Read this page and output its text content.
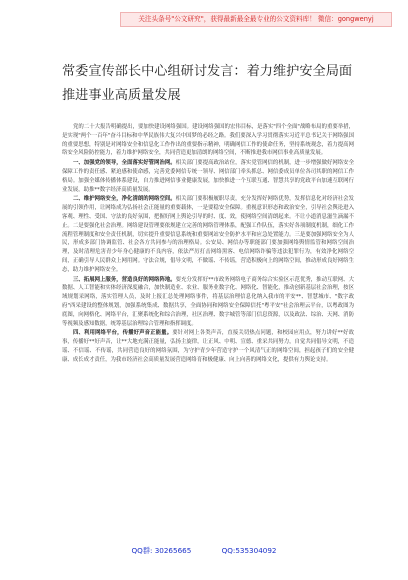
关注头条号"公文研究"，获得最新最全最专业的公文资料库！ 微信：gongwenyj
常委宣传部长中心组研讨发言：着力维护安全局面
推进事业高质量发展

党的二十大报告明确提出，要加快建设网络强国。建设网络强国的宏伟目标，是落实"四个全面"战略布局的重要举措，是实现"两个一百年"奋斗目标和中华民族伟大复兴中国梦的必经之路。我们要深入学习贯彻落实习近平总书记关于网络强国的重要思想，特别是对网络安全和信息化工作作出的重要指示精神，明确网信工作的使命任务，坚持系统观念，着力提高网络安全风险防控能力，着力维护网络安全，共同营造更加清朗的网络空间，不断推进我市网信事业高质量发展。

一、加强党的领导，全面落实好管网治网。相关部门要提高政治站位，落实党管网信的机制，进一步增强做好网络安全保障工作的责任感、紧迫感和使命感，完善党委网信专统一领导、网信部门牵头抓总、网信委成员单位各司其职的网信工作格局。加强全媒体传播体系建设，自力推进网信事业健康发展，加快推进一个互联互通、智慧共享的党政平台加速互联网行业发展，助推**数字经济高质量发展。

二、维护网络安全，净化清朗的网络空间。相关部门要积极履职尽责，充分发挥好网络优势，发挥信息化对经济社会发展的引领作用，让网络成为弘扬社会正能量的重要载体，一是要稳安全保障。重视意识形态和政治安全，引导社会舆论进入客观、理性、受国、守法的良好氛围，把握好网上舆论引导的时、度、效，使网络空间清朗起来。不让小道消息滋生滴漏不止。二是要强化社会治理。网络建设管理要依规建立完善的网络管理体系，配强工作队伍，落实好各项制度机制，细化工作流程管理制度和安全责任机制，切实提升重要信息系统和重要网站安全防护水平和应急处置能力。三是要加强网络安全为人民，形成多部门协调监管、社会各方共同参与的治理格局。公安局、网信办等职能部门要加强网络舆情监管和网络空间治理，及时清理危害青少年身心健康的不良内容，依法严厉打击网络黑客、电信网络诈骗等违法犯罪行为，有效净化网络空间，正确引导人民群众上网用网。守法合规，倡导文明，不做谣、不传谣，营造积极向上的网络空间，推动形成良好网络生态，助力维护网络安全。

三、拓展网上服务，营造良好的网络阵地。要充分发挥好**市政务网络电子商务综合实验区示范优秀，推动互联网、大数据、人工智能和实体经济深度融合，加快制造业、农业、服务业数字化、网络化、智能化，推动创新基层社会治理，按区域规划采网络，落实管理人员，及时上报汇总处理网络事件，将基层治理信息化纳入我市的平安**、智慧城市、"数字政府"西采建设的整体规划，加强系统集成、数据共享，全面协同和网络安全保障信托"粤平安"社会治理云平台，以粤政图为底图，向网格化、网络平台，汇聚系统化和综合治理，社区治理、数字城管等部门信息资源，以及政法、综治、天网、消防等视频及感知数据，统筹基层治理综合管理和指挥调度。

四、利用网络平台，传播好声音正能量。要针对网上各类声音，直接关切热点问题，和校园应用点，努力讲好**好故事，传播好**好声音，让**大地充满正能量，弘扬主旋律，让正风、中明、宣德、重采共同努力，自觉共同倡导文明，不造谣、不信谣、不传谣，共同营造良好的网络氛围，为守护青少年营造守护一个风清气正的网络空间，担起孩子们的安全健康、成长成才责任，为我市经济社会高质量发展营造网络育和极健康、向上向善的网络文化，提供有力舆论支持。

QQ群: 30265665	QQ:535304092
